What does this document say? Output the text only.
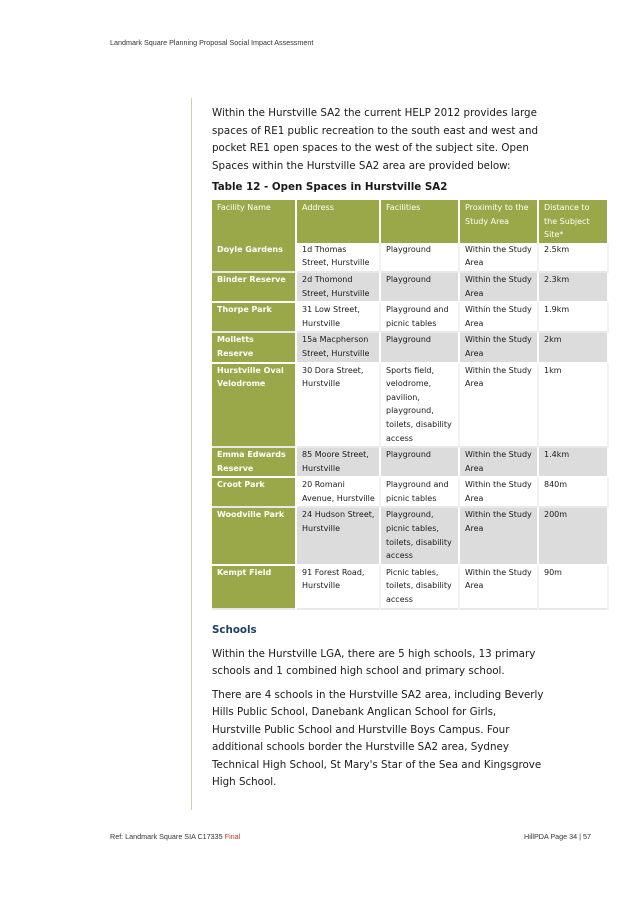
Landmark Square Planning Proposal Social Impact Assessment

Within the Hurstville SA2 the current HELP 2012 provides large spaces of RE1 public recreation to the south east and west and pocket RE1 open spaces to the west of the subject site. Open Spaces within the Hurstville SA2 area are provided below:

Table 12 - Open Spaces in Hurstville SA2
Facility Name	Address	Facilities	Proximity to the Study Area	Distance to the Subject Site*
Doyle Gardens	1d Thomas Street, Hurstville	Playground	Within the Study Area	2.5km
Binder Reserve	2d Thomond Street, Hurstville	Playground	Within the Study Area	2.3km
Thorpe Park	31 Low Street, Hurstville	Playground and picnic tables	Within the Study Area	1.9km
Molletts Reserve	15a Macpherson Street, Hurstville	Playground	Within the Study Area	2km
Hurstville Oval Velodrome	30 Dora Street, Hurstville	Sports field, velodrome, pavilion, playground, toilets, disability access	Within the Study Area	1km
Emma Edwards Reserve	85 Moore Street, Hurstville	Playground	Within the Study Area	1.4km
Croot Park	20 Romani Avenue, Hurstville	Playground and picnic tables	Within the Study Area	840m
Woodville Park	24 Hudson Street, Hurstville	Playground, picnic tables, toilets, disability access	Within the Study Area	200m
Kempt Field	91 Forest Road, Hurstville	Picnic tables, toilets, disability access	Within the Study Area	90m
Schools

Within the Hurstville LGA, there are 5 high schools, 13 primary schools and 1 combined high school and primary school.

There are 4 schools in the Hurstville SA2 area, including Beverly Hills Public School, Danebank Anglican School for Girls, Hurstville Public School and Hurstville Boys Campus. Four additional schools border the Hurstville SA2 area, Sydney Technical High School, St Mary's Star of the Sea and Kingsgrove High School.

Ref: Landmark Square SIA C17335 Final	HillPDA Page 34 | 57
